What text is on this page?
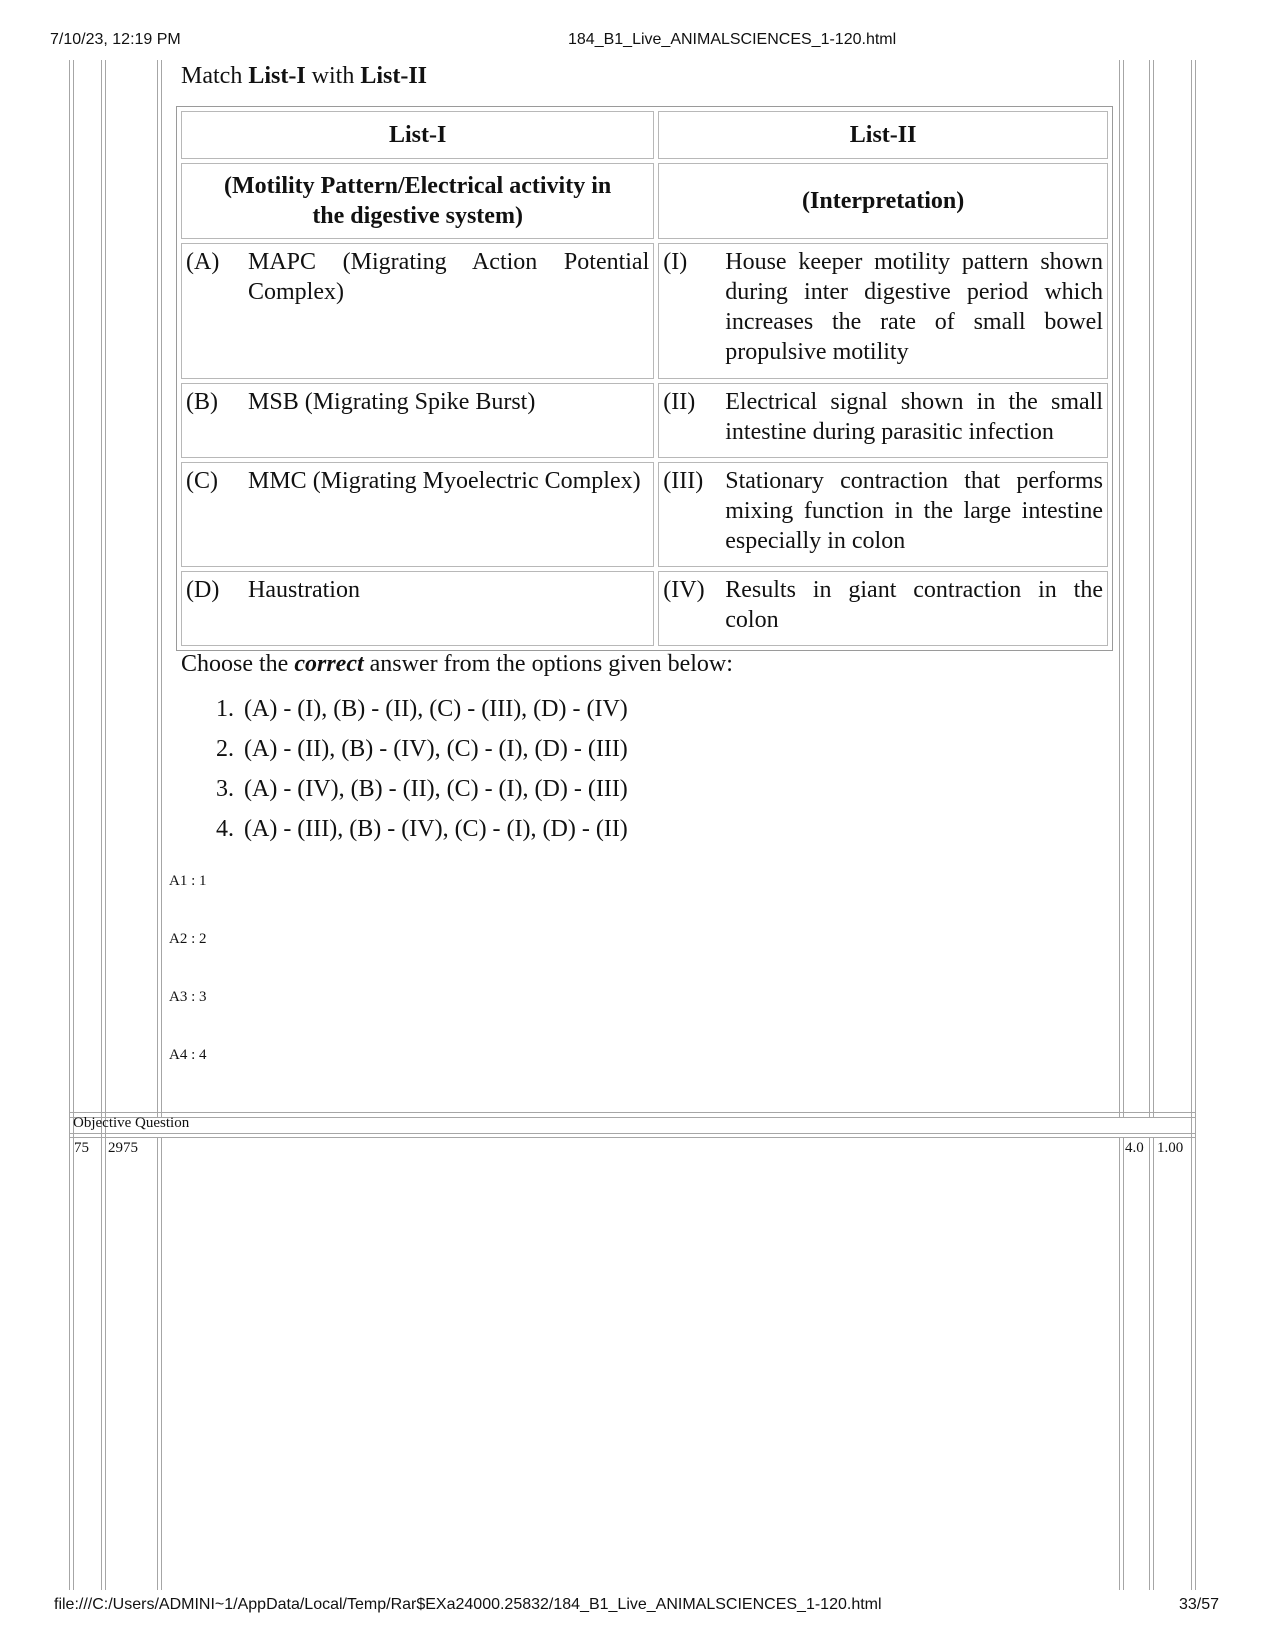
7/10/23, 12:19 PM	184_B1_Live_ANIMALSCIENCES_1-120.html
Match List-I with List-II
List-I	List-II
(Motility Pattern/Electrical activity in the digestive system)	(Interpretation)

(A) MAPC (Migrating Action Potential Complex)	(I) House keeper motility pattern shown during inter digestive period which increases the rate of small bowel propulsive motility

(B) MSB (Migrating Spike Burst)	(II) Electrical signal shown in the small intestine during parasitic infection

(C) MMC (Migrating Myoelectric Complex)	(III) Stationary contraction that performs mixing function in the large intestine especially in colon

(D) Haustration	(IV) Results in giant contraction in the colon
Choose the correct answer from the options given below:
1. (A) - (I), (B) - (II), (C) - (III), (D) - (IV)
2. (A) - (II), (B) - (IV), (C) - (I), (D) - (III)
3. (A) - (IV), (B) - (II), (C) - (I), (D) - (III)
4. (A) - (III), (B) - (IV), (C) - (I), (D) - (II)
A1 : 1
A2 : 2
A3 : 3
A4 : 4
Objective Question
75 2975	4.0 1.00
file:///C:/Users/ADMINI~1/AppData/Local/Temp/Rar$EXa24000.25832/184_B1_Live_ANIMALSCIENCES_1-120.html	33/57
